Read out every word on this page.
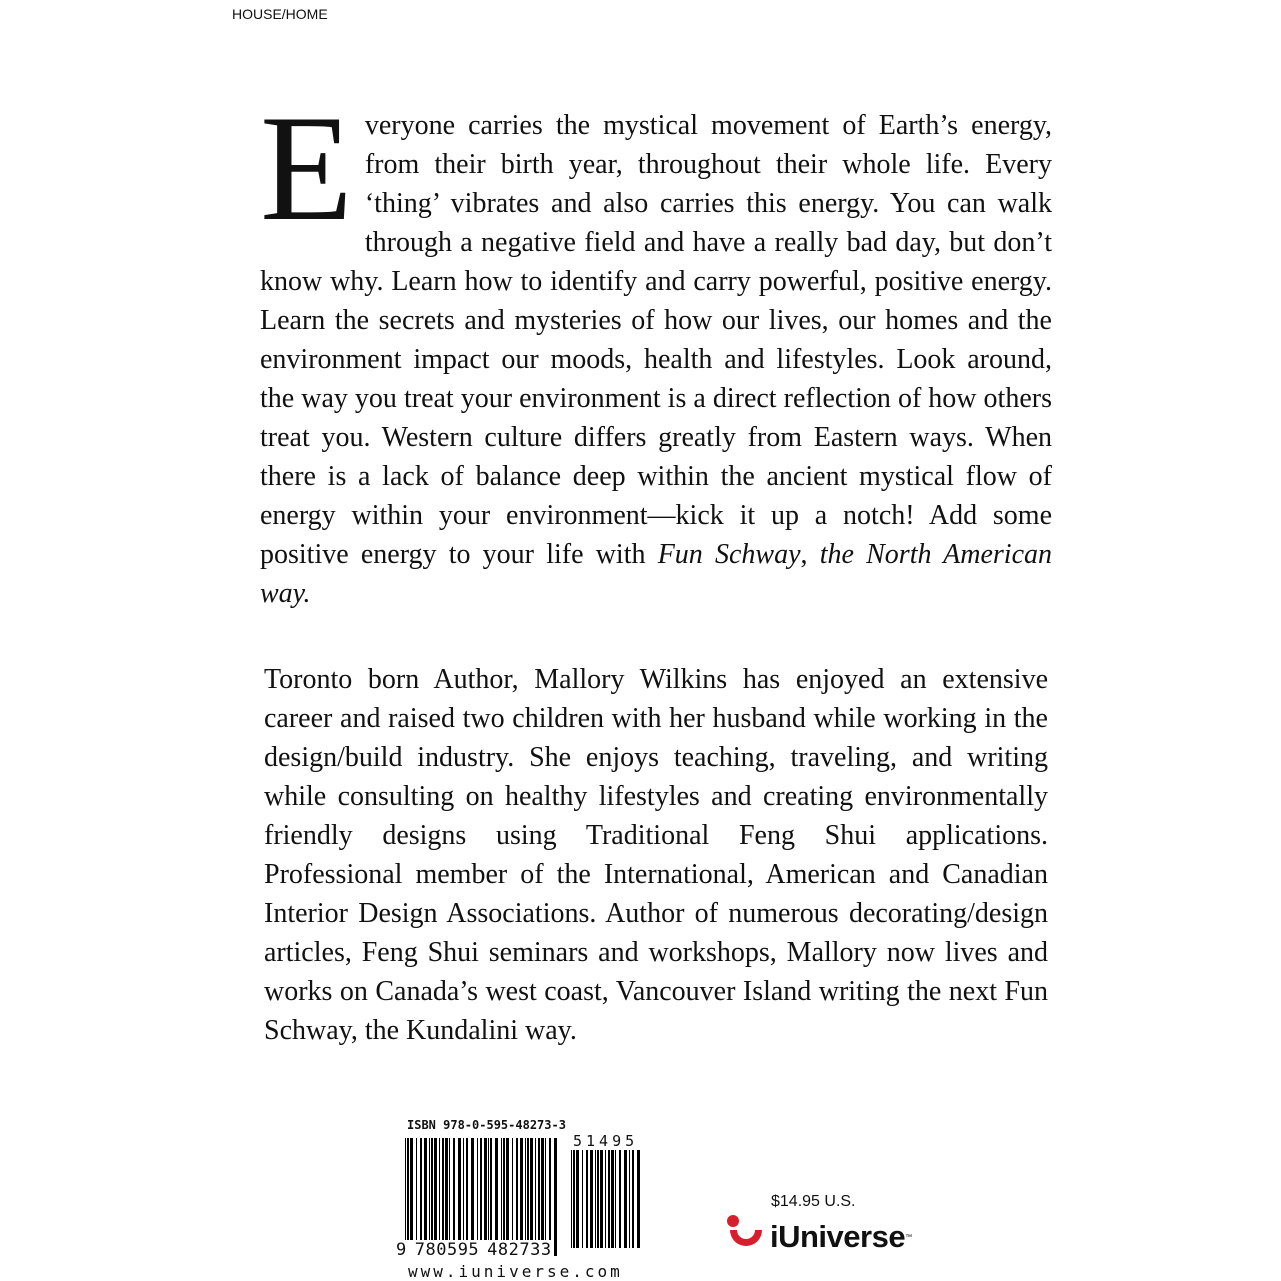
HOUSE/HOME

Everyone carries the mystical movement of Earth’s energy, from their birth year, throughout their whole life. Every ‘thing’ vibrates and also carries this energy. You can walk through a negative field and have a really bad day, but don’t know why. Learn how to identify and carry powerful, positive energy. Learn the secrets and mysteries of how our lives, our homes and the environment impact our moods, health and lifestyles. Look around, the way you treat your environment is a direct reflection of how others treat you. Western culture differs greatly from Eastern ways. When there is a lack of balance deep within the ancient mystical flow of energy within your environment—kick it up a notch! Add some positive energy to your life with Fun Schway, the North American way.

Toronto born Author, Mallory Wilkins has enjoyed an extensive career and raised two children with her husband while working in the design/build industry. She enjoys teaching, traveling, and writing while consulting on healthy lifestyles and creating environmentally friendly designs using Traditional Feng Shui applications. Professional member of the International, American and Canadian Interior Design Associations. Author of numerous decorating/design articles, Feng Shui seminars and workshops, Mallory now lives and works on Canada’s west coast, Vancouver Island writing the next Fun Schway, the Kundalini way.

ISBN 978-0-595-48273-3
51495
9 780595 482733
www.iuniverse.com
$14.95 U.S.
iUniverse ™
